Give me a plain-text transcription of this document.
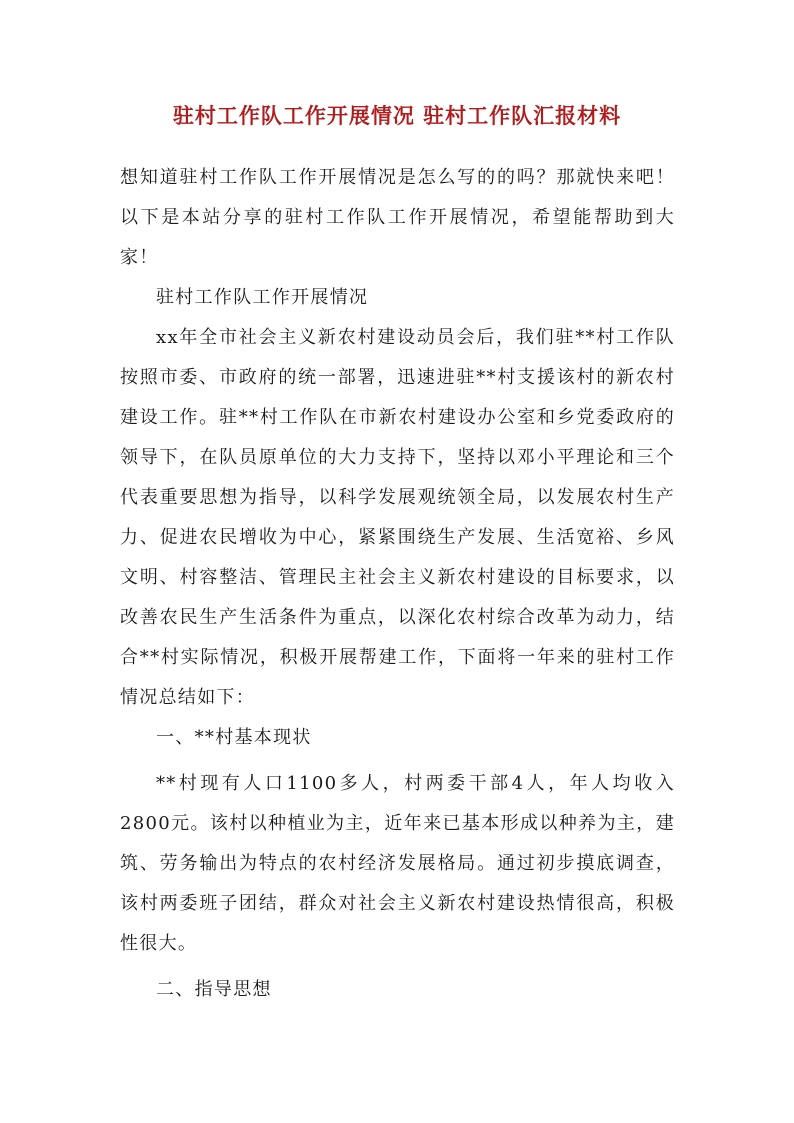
驻村工作队工作开展情况 驻村工作队汇报材料

想知道驻村工作队工作开展情况是怎么写的的吗？那就快来吧！以下是本站分享的驻村工作队工作开展情况，希望能帮助到大家！

驻村工作队工作开展情况

xx年全市社会主义新农村建设动员会后，我们驻**村工作队按照市委、市政府的统一部署，迅速进驻**村支援该村的新农村建设工作。驻**村工作队在市新农村建设办公室和乡党委政府的领导下，在队员原单位的大力支持下，坚持以邓小平理论和三个代表重要思想为指导，以科学发展观统领全局，以发展农村生产力、促进农民增收为中心，紧紧围绕生产发展、生活宽裕、乡风文明、村容整洁、管理民主社会主义新农村建设的目标要求，以改善农民生产生活条件为重点，以深化农村综合改革为动力，结合**村实际情况，积极开展帮建工作，下面将一年来的驻村工作情况总结如下：

一、**村基本现状

**村现有人口1100多人，村两委干部4人，年人均收入2800元。该村以种植业为主，近年来已基本形成以种养为主，建筑、劳务输出为特点的农村经济发展格局。通过初步摸底调查，该村两委班子团结，群众对社会主义新农村建设热情很高，积极性很大。

二、指导思想
